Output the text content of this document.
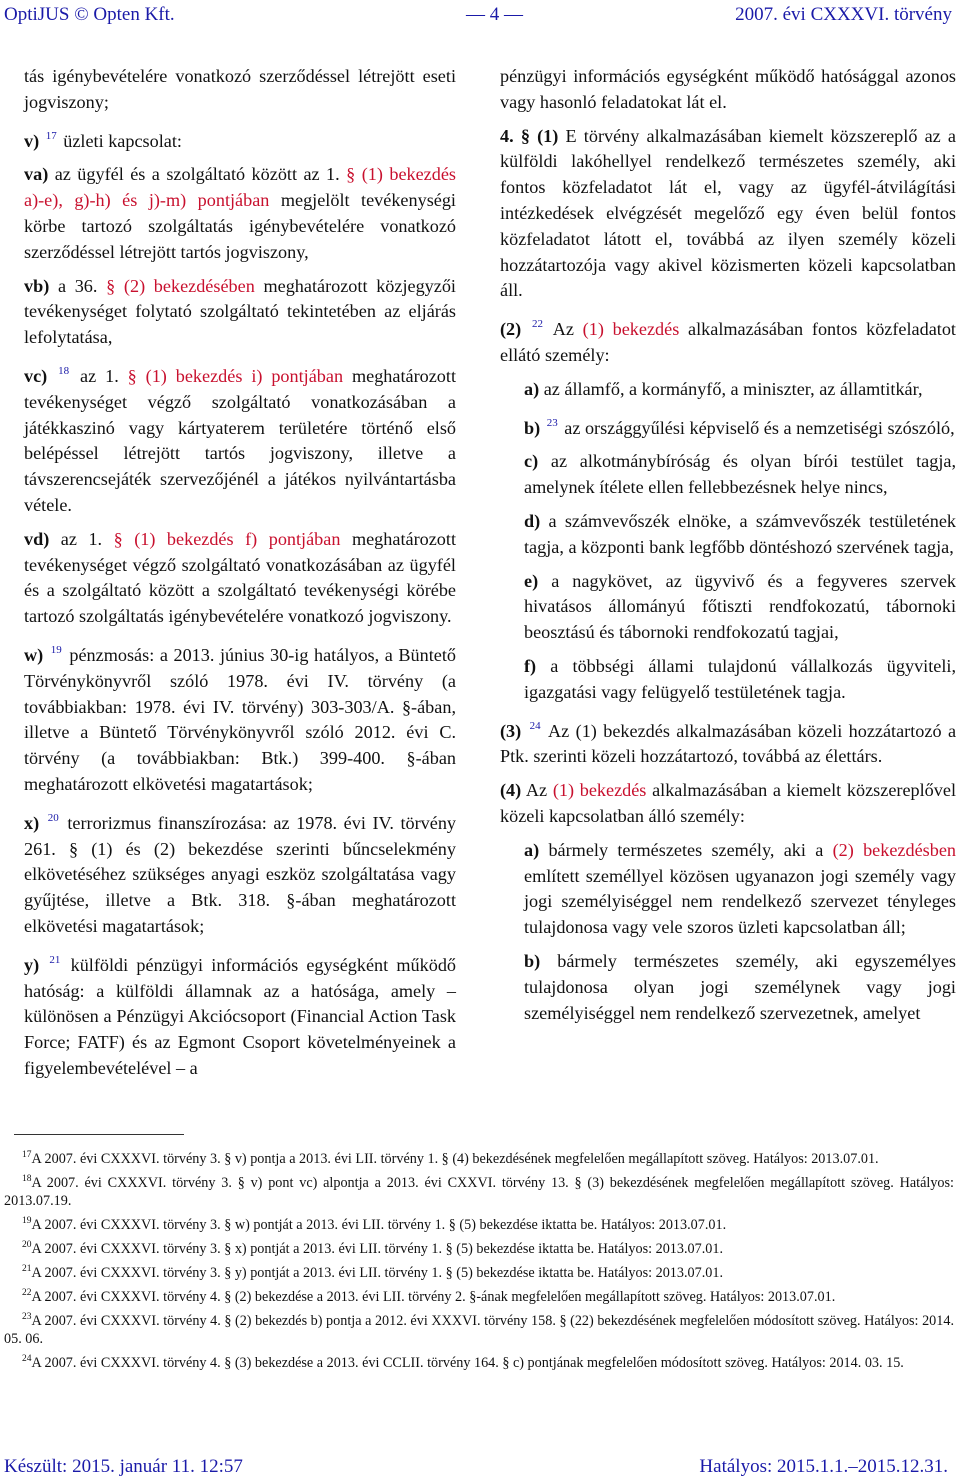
OptiJUS © Opten Kft.	— 4 —	2007. évi CXXXVI. törvény

tás igénybevételére vonatkozó szerződéssel létrejött eseti jogviszony;

v) $^{17}$ üzleti kapcsolat:

va) az ügyfél és a szolgáltató között az 1. § (1) bekezdés a)-e), g)-h) és j)-m) pontjában megjelölt tevékenységi körbe tartozó szolgáltatás igénybevételére vonatkozó szerződéssel létrejött tartós jogviszony,

vb) a 36. § (2) bekezdésében meghatározott közjegyzői tevékenységet folytató szolgáltató tekintetében az eljárás lefolytatása,

vc) $^{18}$ az 1. § (1) bekezdés i) pontjában meghatározott tevékenységet végző szolgáltató vonatkozásában a játékkaszinó vagy kártyaterem területére történő első belépéssel létrejött tartós jogviszony, illetve a távszerencsejáték szervezőjénél a játékos nyilvántartásba vétele.

vd) az 1. § (1) bekezdés f) pontjában meghatározott tevékenységet végző szolgáltató vonatkozásában az ügyfél és a szolgáltató között a szolgáltató tevékenységi körébe tartozó szolgáltatás igénybevételére vonatkozó jogviszony.

w) $^{19}$ pénzmosás: a 2013. június 30-ig hatályos, a Büntető Törvénykönyvről szóló 1978. évi IV. törvény (a továbbiakban: 1978. évi IV. törvény) 303-303/A. §-ában, illetve a Büntető Törvénykönyvről szóló 2012. évi C. törvény (a továbbiakban: Btk.) 399-400. §-ában meghatározott elkövetési magatartások;

x) $^{20}$ terrorizmus finanszírozása: az 1978. évi IV. törvény 261. § (1) és (2) bekezdése szerinti bűncselekmény elkövetéséhez szükséges anyagi eszköz szolgáltatása vagy gyűjtése, illetve a Btk. 318. §-ában meghatározott elkövetési magatartások;

y) $^{21}$ külföldi pénzügyi információs egységként működő hatóság: a külföldi államnak az a hatósága, amely – különösen a Pénzügyi Akciócsoport (Financial Action Task Force; FATF) és az Egmont Csoport követelményeinek a figyelembevételével – a

pénzügyi információs egységként működő hatósággal azonos vagy hasonló feladatokat lát el.

4. § (1) E törvény alkalmazásában kiemelt közszereplő az a külföldi lakóhellyel rendelkező természetes személy, aki fontos közfeladatot lát el, vagy az ügyfél-átvilágítási intézkedések elvégzését megelőző egy éven belül fontos közfeladatot látott el, továbbá az ilyen személy közeli hozzátartozója vagy akivel közismerten közeli kapcsolatban áll.

(2) $^{22}$ Az (1) bekezdés alkalmazásában fontos közfeladatot ellátó személy:

a) az államfő, a kormányfő, a miniszter, az államtitkár,

b) $^{23}$ az országgyűlési képviselő és a nemzetiségi szószóló,

c) az alkotmánybíróság és olyan bírói testület tagja, amelynek ítélete ellen fellebbezésnek helye nincs,

d) a számvevőszék elnöke, a számvevőszék testületének tagja, a központi bank legfőbb döntéshozó szervének tagja,

e) a nagykövet, az ügyvivő és a fegyveres szervek hivatásos állományú főtiszti rendfokozatú, tábornoki beosztású és tábornoki rendfokozatú tagjai,

f) a többségi állami tulajdonú vállalkozás ügyviteli, igazgatási vagy felügyelő testületének tagja.

(3) $^{24}$ Az (1) bekezdés alkalmazásában közeli hozzátartozó a Ptk. szerinti közeli hozzátartozó, továbbá az élettárs.

(4) Az (1) bekezdés alkalmazásában a kiemelt közszereplővel közeli kapcsolatban álló személy:

a) bármely természetes személy, aki a (2) bekezdésben említett személlyel közösen ugyanazon jogi személy vagy jogi személyiséggel nem rendelkező szervezet tényleges tulajdonosa vagy vele szoros üzleti kapcsolatban áll;

b) bármely természetes személy, aki egyszemélyes tulajdonosa olyan jogi személynek vagy jogi személyiséggel nem rendelkező szervezetnek, amelyet

$^{17}$A 2007. évi CXXXVI. törvény 3. § v) pontja a 2013. évi LII. törvény 1. § (4) bekezdésének megfelelően megállapított szöveg. Hatályos: 2013.07.01.

$^{18}$A 2007. évi CXXXVI. törvény 3. § v) pont vc) alpontja a 2013. évi CXXVI. törvény 13. § (3) bekezdésének megfelelően megállapított szöveg. Hatályos: 2013.07.19.

$^{19}$A 2007. évi CXXXVI. törvény 3. § w) pontját a 2013. évi LII. törvény 1. § (5) bekezdése iktatta be. Hatályos: 2013.07.01.

$^{20}$A 2007. évi CXXXVI. törvény 3. § x) pontját a 2013. évi LII. törvény 1. § (5) bekezdése iktatta be. Hatályos: 2013.07.01.

$^{21}$A 2007. évi CXXXVI. törvény 3. § y) pontját a 2013. évi LII. törvény 1. § (5) bekezdése iktatta be. Hatályos: 2013.07.01.

$^{22}$A 2007. évi CXXXVI. törvény 4. § (2) bekezdése a 2013. évi LII. törvény 2. §-ának megfelelően megállapított szöveg. Hatályos: 2013.07.01.

$^{23}$A 2007. évi CXXXVI. törvény 4. § (2) bekezdés b) pontja a 2012. évi XXXVI. törvény 158. § (22) bekezdésének megfelelően módosított szöveg. Hatályos: 2014. 05. 06.

$^{24}$A 2007. évi CXXXVI. törvény 4. § (3) bekezdése a 2013. évi CCLII. törvény 164. § c) pontjának megfelelően módosított szöveg. Hatályos: 2014. 03. 15.

Készült: 2015. január 11. 12:57	Hatályos: 2015.1.1.–2015.12.31.
